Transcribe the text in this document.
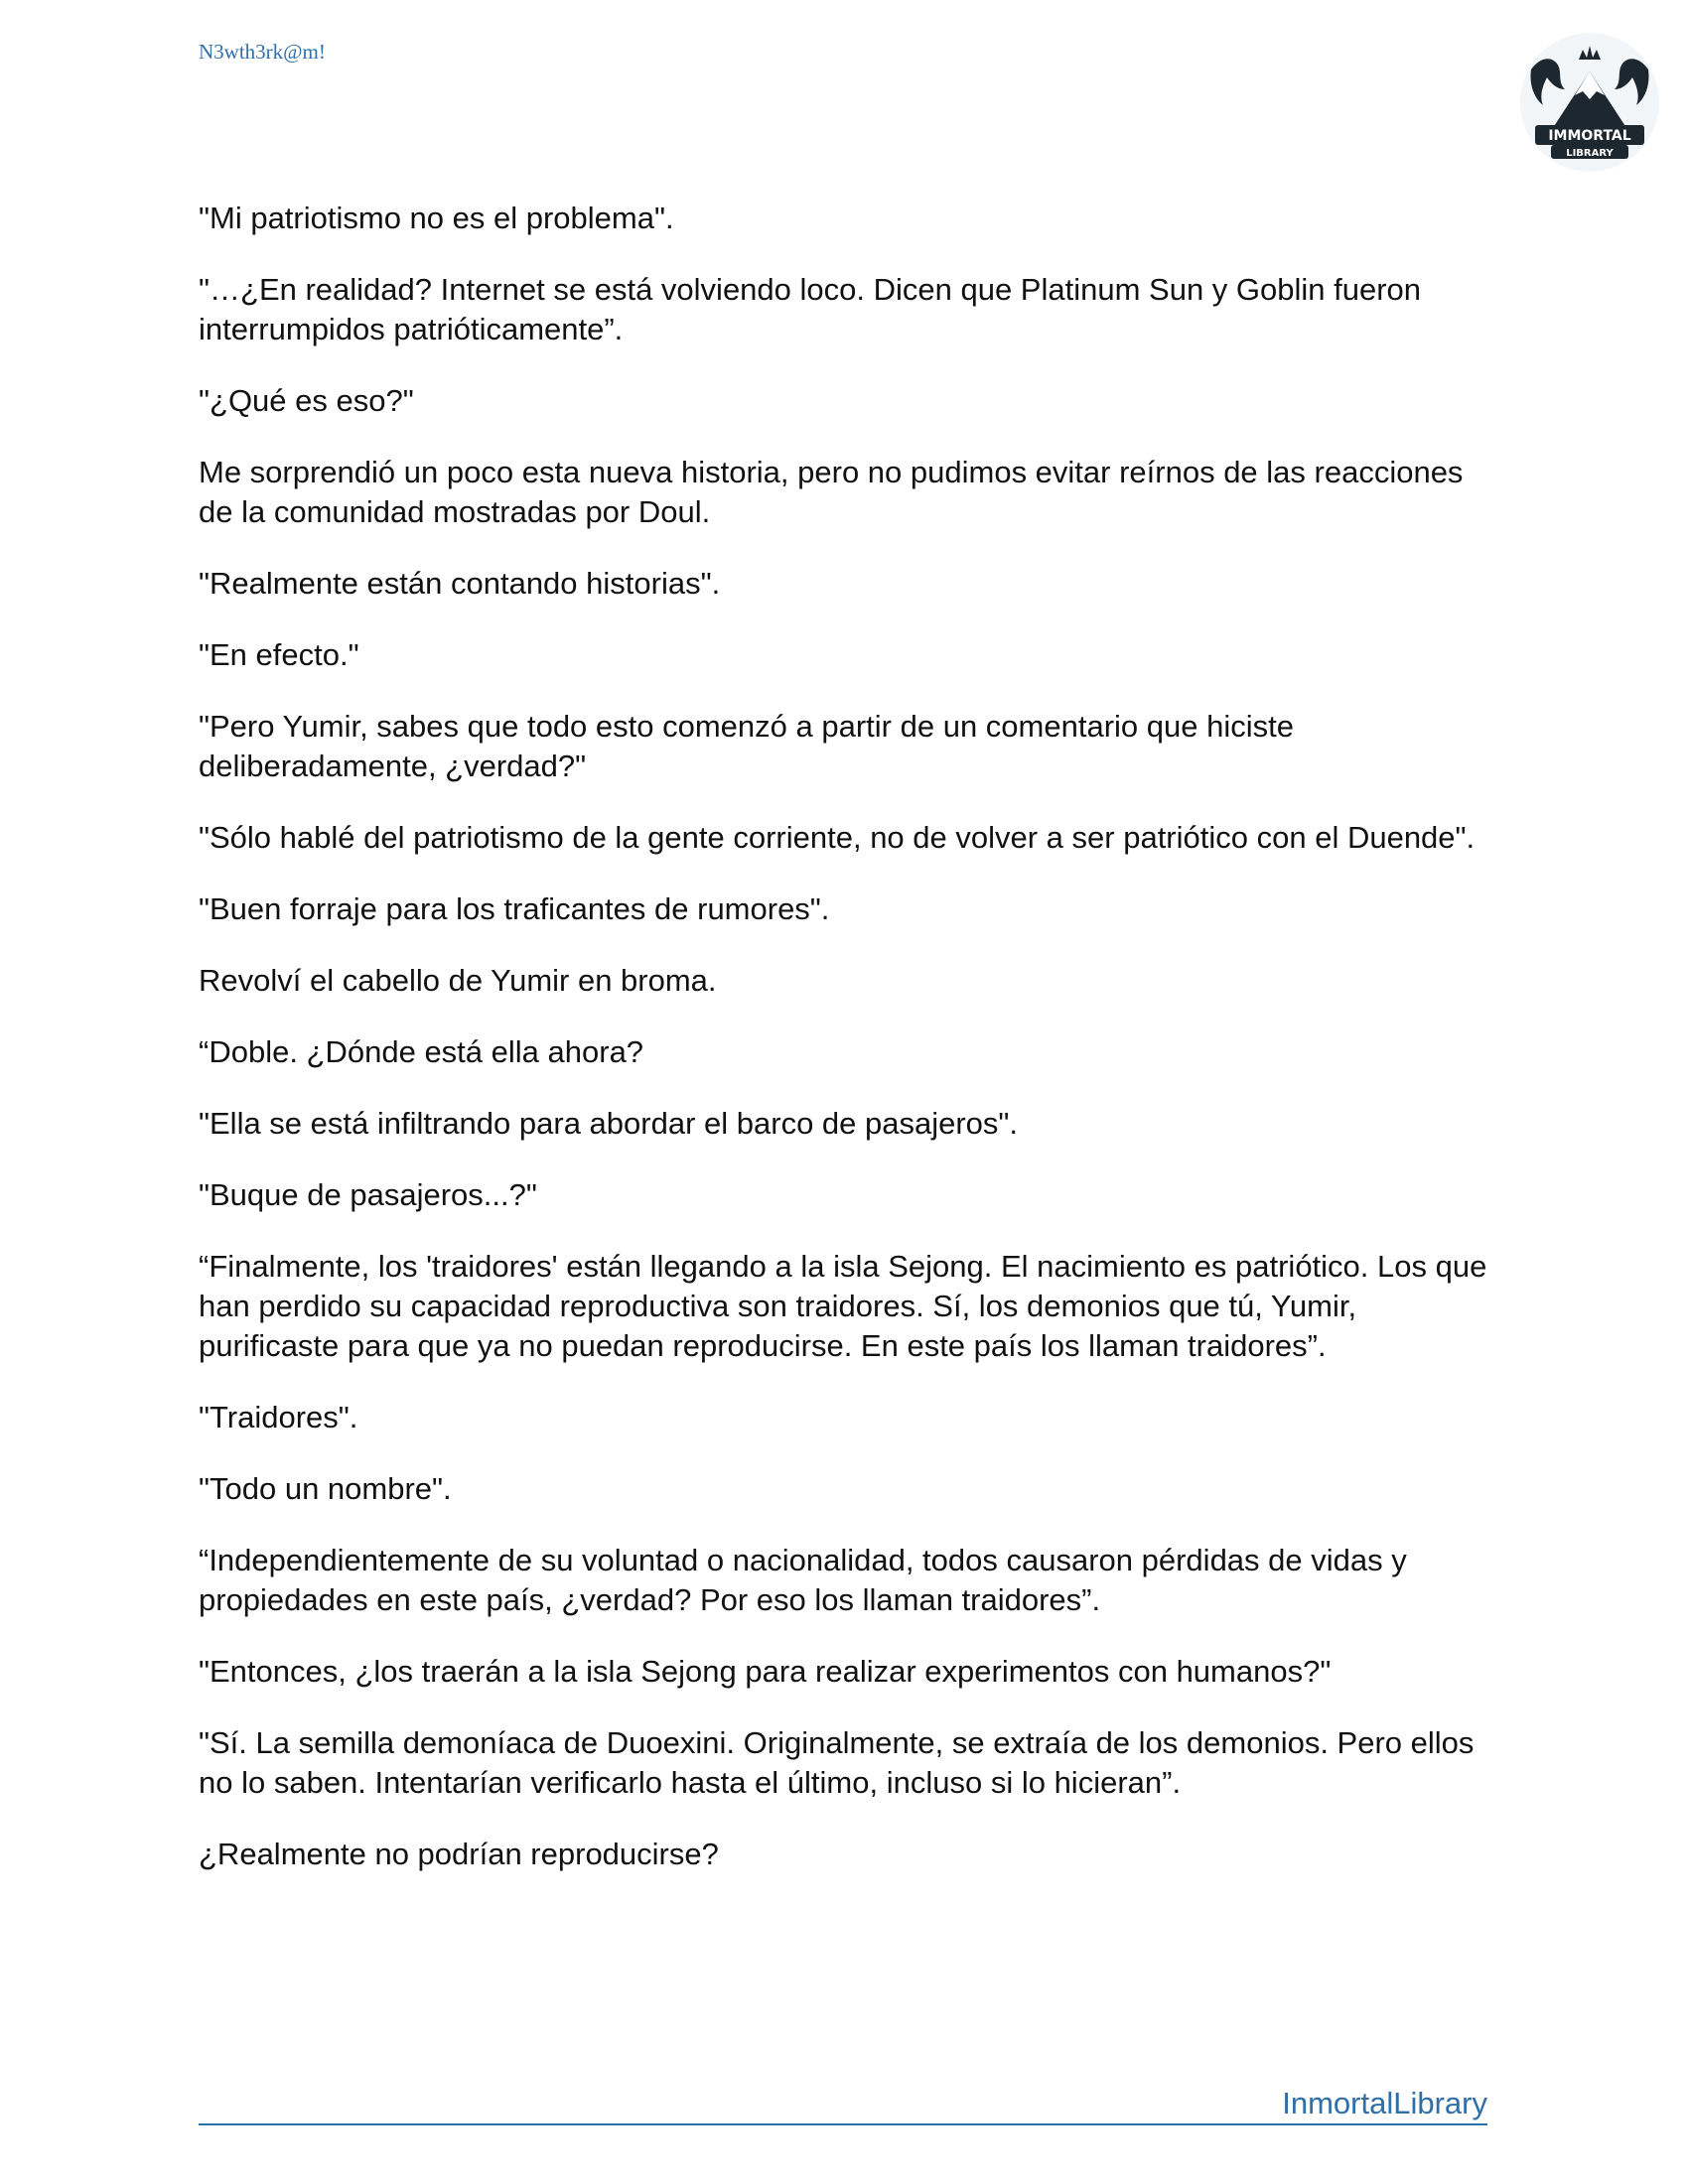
N3wth3rk@m!
IMMORTAL
LIBRARY

"Mi patriotismo no es el problema".

"…¿En realidad? Internet se está volviendo loco. Dicen que Platinum Sun y Goblin fueron interrumpidos patrióticamente”.

"¿Qué es eso?"

Me sorprendió un poco esta nueva historia, pero no pudimos evitar reírnos de las reacciones de la comunidad mostradas por Doul.

"Realmente están contando historias".

"En efecto."

"Pero Yumir, sabes que todo esto comenzó a partir de un comentario que hiciste deliberadamente, ¿verdad?"

"Sólo hablé del patriotismo de la gente corriente, no de volver a ser patriótico con el Duende".

"Buen forraje para los traficantes de rumores".

Revolví el cabello de Yumir en broma.

“Doble. ¿Dónde está ella ahora?

"Ella se está infiltrando para abordar el barco de pasajeros".

"Buque de pasajeros...?"

“Finalmente, los 'traidores' están llegando a la isla Sejong. El nacimiento es patriótico. Los que han perdido su capacidad reproductiva son traidores. Sí, los demonios que tú, Yumir, purificaste para que ya no puedan reproducirse. En este país los llaman traidores”.

"Traidores".

"Todo un nombre".

“Independientemente de su voluntad o nacionalidad, todos causaron pérdidas de vidas y propiedades en este país, ¿verdad? Por eso los llaman traidores”.

"Entonces, ¿los traerán a la isla Sejong para realizar experimentos con humanos?"

"Sí. La semilla demoníaca de Duoexini. Originalmente, se extraía de los demonios. Pero ellos no lo saben. Intentarían verificarlo hasta el último, incluso si lo hicieran”.

¿Realmente no podrían reproducirse?

InmortalLibrary
